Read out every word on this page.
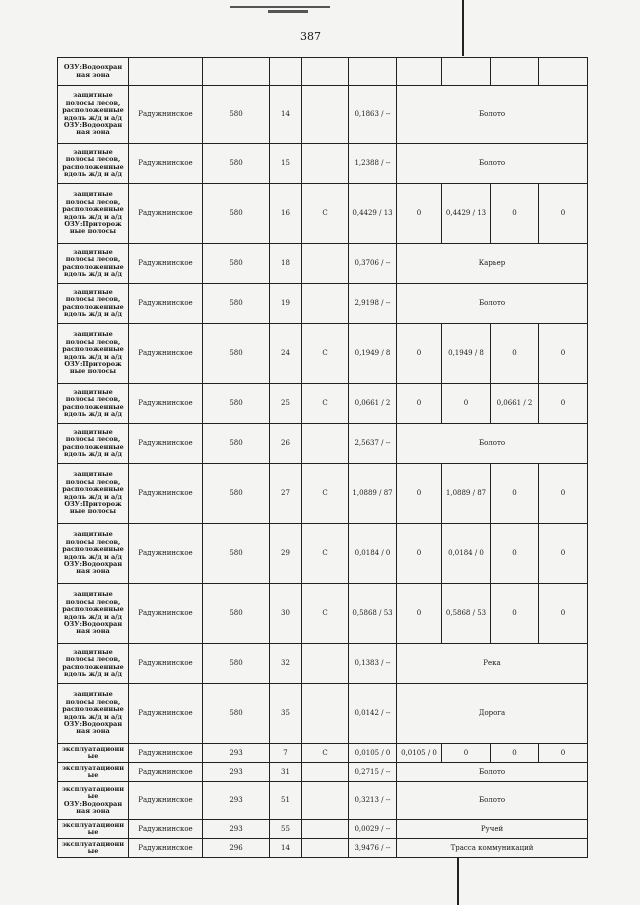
387
ОЗУ:Водоохран ная зона									
защитные полосы лесов, расположенные вдоль ж/д и а/д ОЗУ:Водоохран ная зона	Радужнинское	580	14		0,1863 / --	Болото			
защитные полосы лесов, расположенные вдоль ж/д и а/д	Радужнинское	580	15		1,2388 / --	Болото			
защитные полосы лесов, расположенные вдоль ж/д и а/д ОЗУ:Приторож ные полосы	Радужнинское	580	16	С	0,4429 / 13	0	0,4429 / 13	0	0
защитные полосы лесов, расположенные вдоль ж/д и а/д	Радужнинское	580	18		0,3706 / --	Карьер			
защитные полосы лесов, расположенные вдоль ж/д и а/д	Радужнинское	580	19		2,9198 / --	Болото			
защитные полосы лесов, расположенные вдоль ж/д и а/д ОЗУ:Приторож ные полосы	Радужнинское	580	24	С	0,1949 / 8	0	0,1949 / 8	0	0
защитные полосы лесов, расположенные вдоль ж/д и а/д	Радужнинское	580	25	С	0,0661 / 2	0	0	0,0661 / 2	0
защитные полосы лесов, расположенные вдоль ж/д и а/д	Радужнинское	580	26		2,5637 / --	Болото			
защитные полосы лесов, расположенные вдоль ж/д и а/д ОЗУ:Приторож ные полосы	Радужнинское	580	27	С	1,0889 / 87	0	1,0889 / 87	0	0
защитные полосы лесов, расположенные вдоль ж/д и а/д ОЗУ:Водоохран ная зона	Радужнинское	580	29	С	0,0184 / 0	0	0,0184 / 0	0	0
защитные полосы лесов, расположенные вдоль ж/д и а/д ОЗУ:Водоохран ная зона	Радужнинское	580	30	С	0,5868 / 53	0	0,5868 / 53	0	0
защитные полосы лесов, расположенные вдоль ж/д и а/д	Радужнинское	580	32		0,1383 / --	Река			
защитные полосы лесов, расположенные вдоль ж/д и а/д ОЗУ:Водоохран ная зона	Радужнинское	580	35		0,0142 / --	Дорога			
эксплуатационные	Радужнинское	293	7	С	0,0105 / 0	0,0105 / 0	0	0	0
эксплуатационные	Радужнинское	293	31		0,2715 / --	Болото			
эксплуатационные ОЗУ:Водоохран ная зона	Радужнинское	293	51		0,3213 / --	Болото			
эксплуатационные	Радужнинское	293	55		0,0029 / --	Ручей			
эксплуатационные	Радужнинское	296	14		3,9476 / --	Трасса коммуникаций			
